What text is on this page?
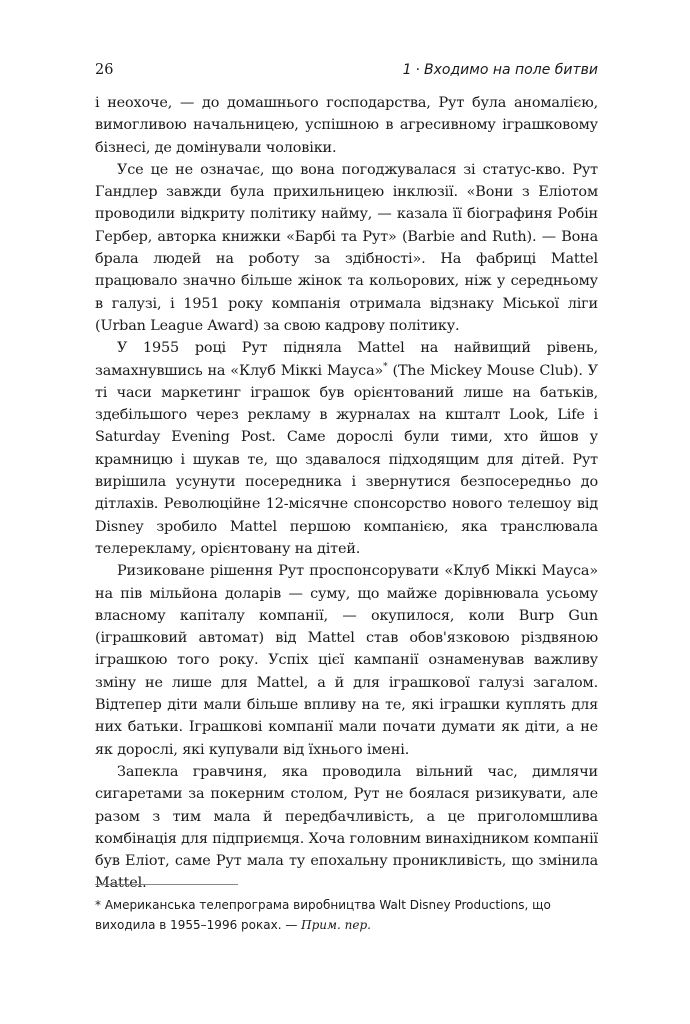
26	1 · Входимо на поле битви

і неохоче, — до домашнього господарства, Рут була аномалією, вимогливою начальницею, успішною в агресивному іграшковому бізнесі, де домінували чоловіки.

Усе це не означає, що вона погоджувалася зі статус-кво. Рут Гандлер завжди була прихильницею інклюзії. «Вони з Еліотом проводили відкриту політику найму, — казала її біографиня Робін Гербер, авторка книжки «Барбі та Рут» (Barbie and Ruth). — Вона брала людей на роботу за здібності». На фабриці Mattel працювало значно більше жінок та кольорових, ніж у середньому в галузі, і 1951 року компанія отримала відзнаку Міської ліги (Urban League Award) за свою кадрову політику.

У 1955 році Рут підняла Mattel на найвищий рівень, замахнувшись на «Клуб Міккі Мауса»* (The Mickey Mouse Club). У ті часи маркетинг іграшок був орієнтований лише на батьків, здебільшого через рекламу в журналах на кшталт Look, Life і Saturday Evening Post. Саме дорослі були тими, хто йшов у крамницю і шукав те, що здавалося підходящим для дітей. Рут вирішила усунути посередника і звернутися безпосередньо до дітлахів. Революційне 12-місячне спонсорство нового телешоу від Disney зробило Mattel першою компанією, яка транслювала телерекламу, орієнтовану на дітей.

Ризиковане рішення Рут проспонсорувати «Клуб Міккі Мауса» на пів мільйона доларів — суму, що майже дорівнювала усьому власному капіталу компанії, — окупилося, коли Burp Gun (іграшковий автомат) від Mattel став обов'язковою різдвяною іграшкою того року. Успіх цієї кампанії ознаменував важливу зміну не лише для Mattel, а й для іграшкової галузі загалом. Відтепер діти мали більше впливу на те, які іграшки куплять для них батьки. Іграшкові компанії мали почати думати як діти, а не як дорослі, які купували від їхнього імені.

Запекла гравчиня, яка проводила вільний час, димлячи сигаретами за покерним столом, Рут не боялася ризикувати, але разом з тим мала й передбачливість, а це приголомшлива комбінація для підприємця. Хоча головним винахідником компанії був Еліот, саме Рут мала ту епохальну проникливість, що змінила Mattel.

* Американська телепрограма виробництва Walt Disney Productions, що виходила в 1955–1996 роках. — Прим. пер.
